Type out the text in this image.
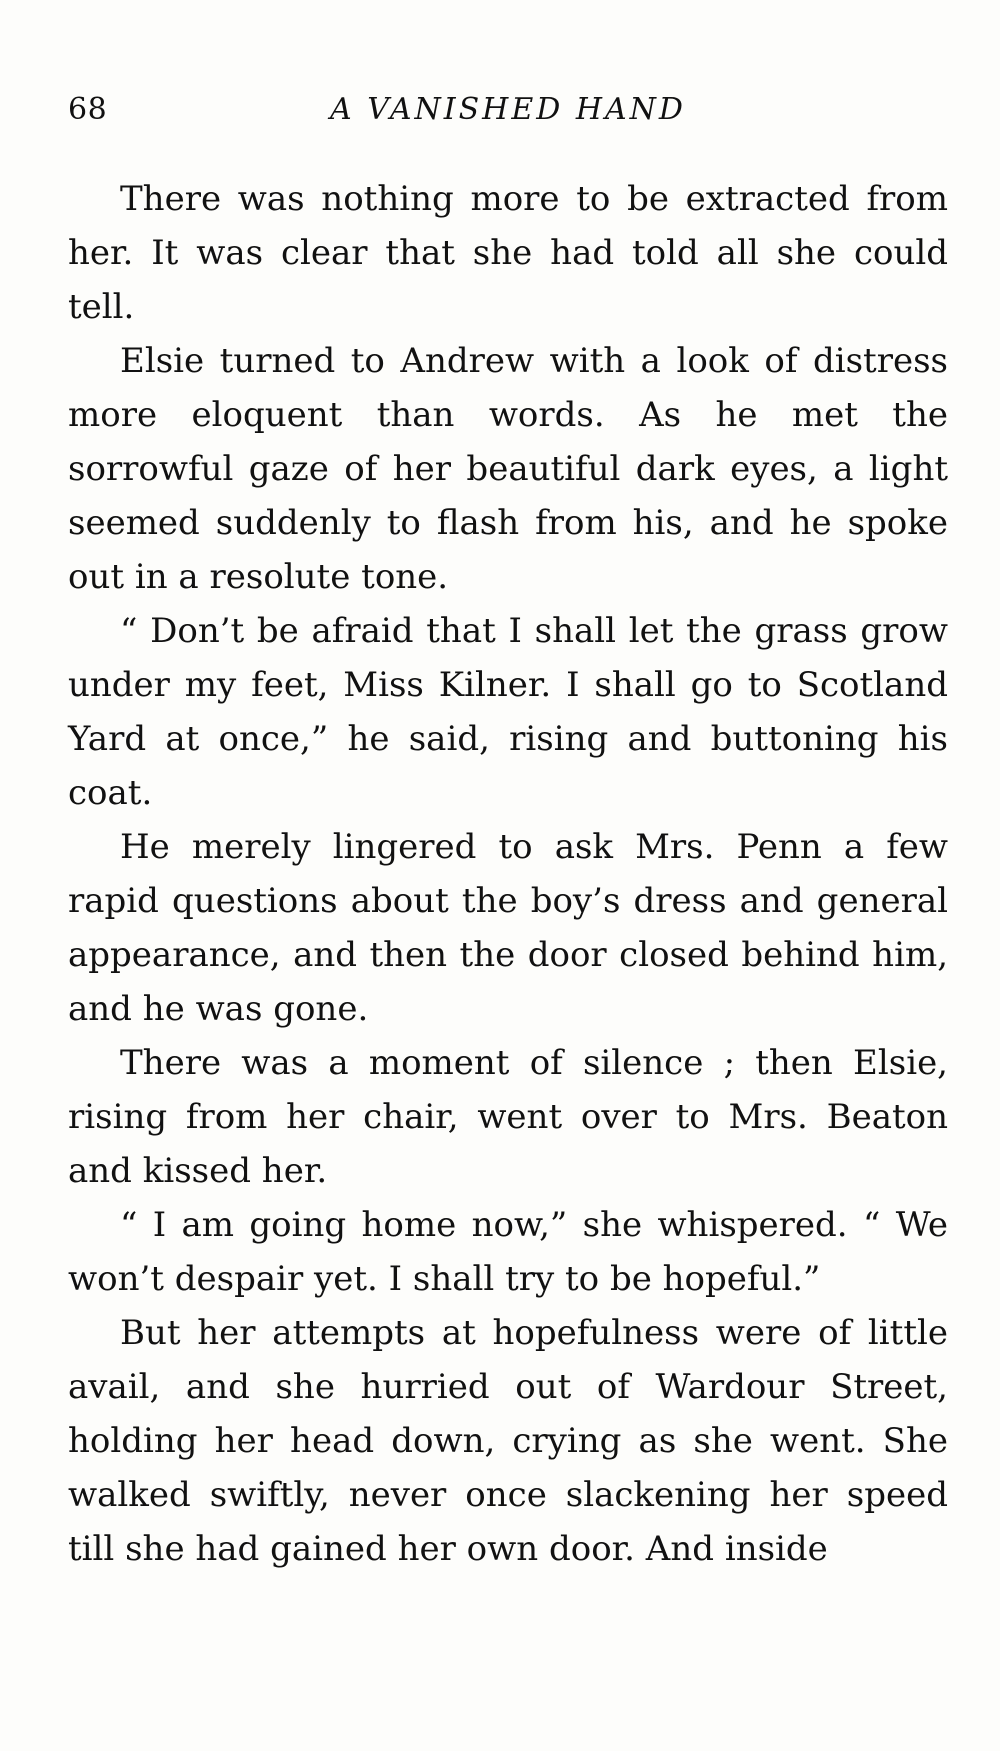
68	A VANISHED HAND

There was nothing more to be extracted from her. It was clear that she had told all she could tell.

Elsie turned to Andrew with a look of distress more eloquent than words. As he met the sorrowful gaze of her beautiful dark eyes, a light seemed suddenly to flash from his, and he spoke out in a resolute tone.

“ Don’t be afraid that I shall let the grass grow under my feet, Miss Kilner. I shall go to Scotland Yard at once,” he said, rising and buttoning his coat.

He merely lingered to ask Mrs. Penn a few rapid questions about the boy’s dress and general appearance, and then the door closed behind him, and he was gone.

There was a moment of silence ; then Elsie, rising from her chair, went over to Mrs. Beaton and kissed her.

“ I am going home now,” she whispered. “ We won’t despair yet. I shall try to be hopeful.”

But her attempts at hopefulness were of little avail, and she hurried out of Wardour Street, holding her head down, crying as she went. She walked swiftly, never once slackening her speed till she had gained her own door. And inside
